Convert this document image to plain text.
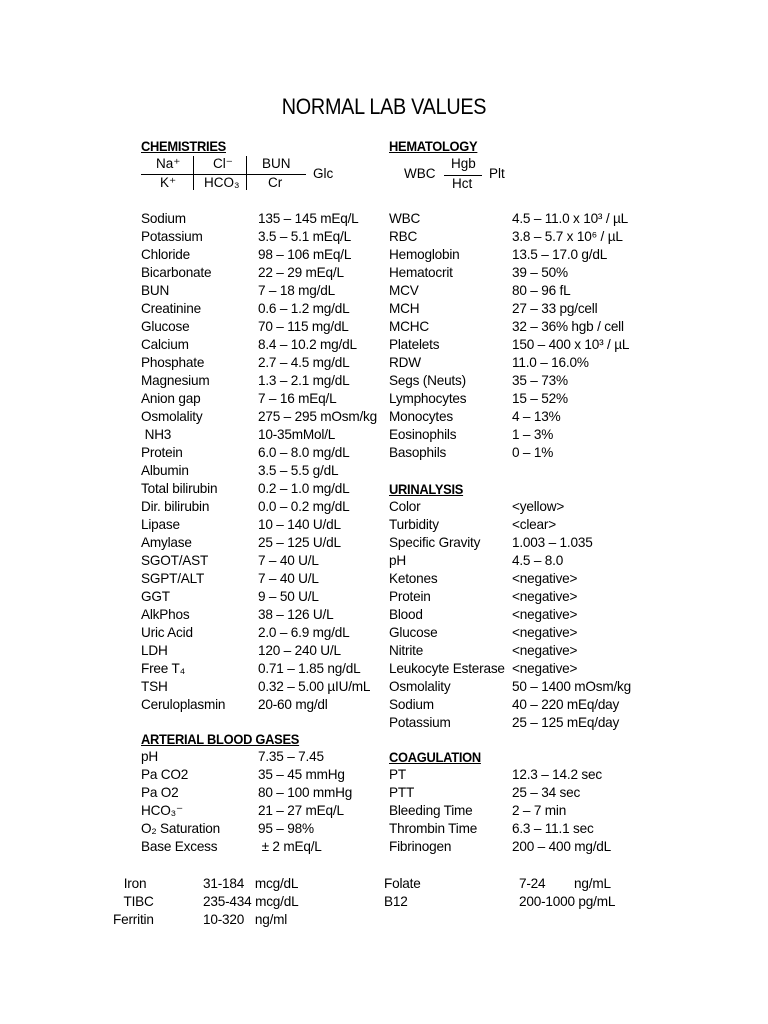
NORMAL LAB VALUES
CHEMISTRIES
Na⁺ Cl⁻ BUN
K⁺ HCO₃ Cr
Glc
Sodium	135 – 145 mEq/L
Potassium	3.5 – 5.1 mEq/L
Chloride	98 – 106 mEq/L
Bicarbonate	22 – 29 mEq/L
BUN	7 – 18 mg/dL
Creatinine	0.6 – 1.2 mg/dL
Glucose	70 – 115 mg/dL
Calcium	8.4 – 10.2 mg/dL
Phosphate	2.7 – 4.5 mg/dL
Magnesium	1.3 – 2.1 mg/dL
Anion gap	7 – 16 mEq/L
Osmolality	275 – 295 mOsm/kg
NH3	10-35mMol/L
Protein	6.0 – 8.0 mg/dL
Albumin	3.5 – 5.5 g/dL
Total bilirubin	0.2 – 1.0 mg/dL
Dir. bilirubin	0.0 – 0.2 mg/dL
Lipase	10 – 140 U/dL
Amylase	25 – 125 U/dL
SGOT/AST	7 – 40 U/L
SGPT/ALT	7 – 40 U/L
GGT	9 – 50 U/L
AlkPhos	38 – 126 U/L
Uric Acid	2.0 – 6.9 mg/dL
LDH	120 – 240 U/L
Free T₄	0.71 – 1.85 ng/dL
TSH	0.32 – 5.00 µIU/mL
Ceruloplasmin 20-60 mg/dl
ARTERIAL BLOOD GASES
pH	7.35 – 7.45
Pa CO2	35 – 45 mmHg
Pa O2	80 – 100 mmHg
HCO₃⁻	21 – 27 mEq/L
O₂ Saturation	95 – 98%
Base Excess	± 2 mEq/L
HEMATOLOGY
WBC
Hgb
Hct
Plt
WBC	4.5 – 11.0 x 10³ / µL
RBC	3.8 – 5.7 x 10⁶ / µL
Hemoglobin	13.5 – 17.0 g/dL
Hematocrit	39 – 50%
MCV	80 – 96 fL
MCH	27 – 33 pg/cell
MCHC	32 – 36% hgb / cell
Platelets	150 – 400 x 10³ / µL
RDW	11.0 – 16.0%
Segs (Neuts)	35 – 73%
Lymphocytes	15 – 52%
Monocytes	4 – 13%
Eosinophils	1 – 3%
Basophils	0 – 1%
URINALYSIS
Color	<yellow>
Turbidity	<clear>
Specific Gravity 1.003 – 1.035
pH	4.5 – 8.0
Ketones	<negative>
Protein	<negative>
Blood	<negative>
Glucose	<negative>
Nitrite	<negative>
Leukocyte Esterase <negative>
Osmolality	50 – 1400 mOsm/kg
Sodium	40 – 220 mEq/day
Potassium	25 – 125 mEq/day
COAGULATION
PT	12.3 – 14.2 sec
PTT	25 – 34 sec
Bleeding Time	2 – 7 min
Thrombin Time	6.3 – 11.1 sec
Fibrinogen	200 – 400 mg/dL
Iron	31-184   mcg/dL
TIBC	235-434 mcg/dL
Ferritin	10-320   ng/ml
Folate	7-24        ng/mL
B12	200-1000 pg/mL
